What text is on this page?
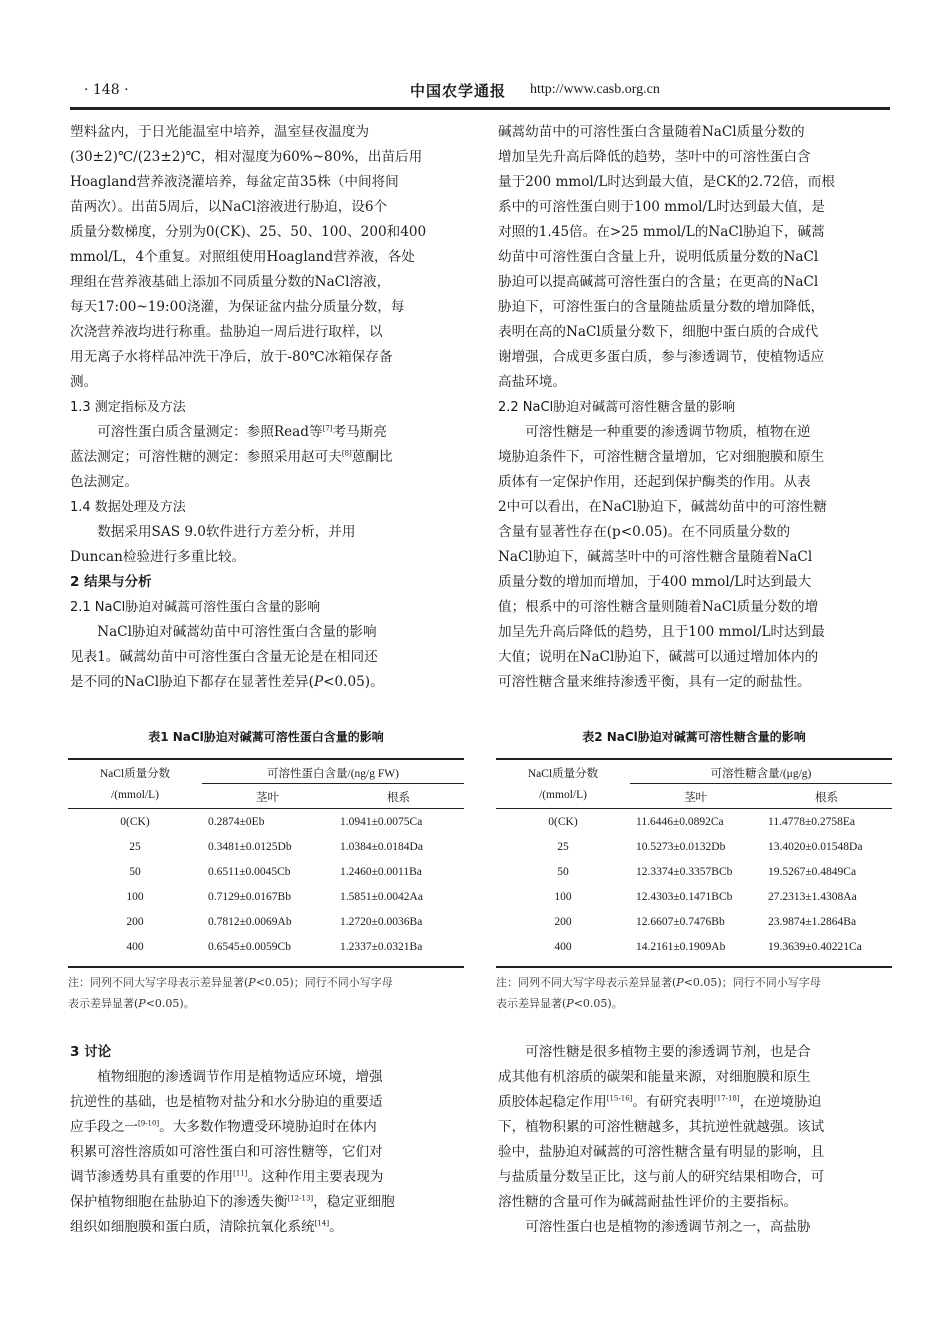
· 148 ·	中国农学通报 http://www.casb.org.cn

塑料盆内，于日光能温室中培养，温室昼夜温度为

(30±2)℃/(23±2)℃，相对湿度为60%~80%，出苗后用

Hoagland营养液浇灌培养，每盆定苗35株（中间将间

苗两次）。出苗5周后，以NaCl溶液进行胁迫，设6个

质量分数梯度，分别为0(CK)、25、50、100、200和400

mmol/L，4个重复。对照组使用Hoagland营养液，各处

理组在营养液基础上添加不同质量分数的NaCl溶液，

每天17:00~19:00浇灌，为保证盆内盐分质量分数，每

次浇营养液均进行称重。盐胁迫一周后进行取样，以

用无离子水将样品冲洗干净后，放于-80℃冰箱保存备

测。

1.3 测定指标及方法

可溶性蛋白质含量测定：参照Read等[7]考马斯亮

蓝法测定；可溶性糖的测定：参照采用赵可夫[8]蒽酮比

色法测定。

1.4 数据处理及方法

数据采用SAS 9.0软件进行方差分析，并用

Duncan检验进行多重比较。

2 结果与分析

2.1 NaCl胁迫对碱蒿可溶性蛋白含量的影响

NaCl胁迫对碱蒿幼苗中可溶性蛋白含量的影响

见表1。碱蒿幼苗中可溶性蛋白含量无论是在相同还

是不同的NaCl胁迫下都存在显著性差异(P<0.05)。

碱蒿幼苗中的可溶性蛋白含量随着NaCl质量分数的

增加呈先升高后降低的趋势，茎叶中的可溶性蛋白含

量于200 mmol/L时达到最大值，是CK的2.72倍，而根

系中的可溶性蛋白则于100 mmol/L时达到最大值，是

对照的1.45倍。在>25 mmol/L的NaCl胁迫下，碱蒿

幼苗中可溶性蛋白含量上升，说明低质量分数的NaCl

胁迫可以提高碱蒿可溶性蛋白的含量；在更高的NaCl

胁迫下，可溶性蛋白的含量随盐质量分数的增加降低，

表明在高的NaCl质量分数下，细胞中蛋白质的合成代

谢增强，合成更多蛋白质，参与渗透调节，使植物适应

高盐环境。

2.2 NaCl胁迫对碱蒿可溶性糖含量的影响

可溶性糖是一种重要的渗透调节物质，植物在逆

境胁迫条件下，可溶性糖含量增加，它对细胞膜和原生

质体有一定保护作用，还起到保护酶类的作用。从表

2中可以看出，在NaCl胁迫下，碱蒿幼苗中的可溶性糖

含量有显著性存在(p<0.05)。在不同质量分数的

NaCl胁迫下，碱蒿茎叶中的可溶性糖含量随着NaCl

质量分数的增加而增加，于400 mmol/L时达到最大

值；根系中的可溶性糖含量则随着NaCl质量分数的增

加呈先升高后降低的趋势，且于100 mmol/L时达到最

大值；说明在NaCl胁迫下，碱蒿可以通过增加体内的

可溶性糖含量来维持渗透平衡，具有一定的耐盐性。

表1 NaCl胁迫对碱蒿可溶性蛋白含量的影响
NaCl质量分数
/(mmol/L)
可溶性蛋白含量/(ng/g FW)
茎叶	根系
0(CK)	0.2874±0Eb	1.0941±0.0075Ca
25	0.3481±0.0125Db	1.0384±0.0184Da
50	0.6511±0.0045Cb	1.2460±0.0011Ba
100	0.7129±0.0167Bb	1.5851±0.0042Aa
200	0.7812±0.0069Ab	1.2720±0.0036Ba
400	0.6545±0.0059Cb	1.2337±0.0321Ba
注：同列不同大写字母表示差异显著(P<0.05)；同行不同小写字母
表示差异显著(P<0.05)。
表2 NaCl胁迫对碱蒿可溶性糖含量的影响
NaCl质量分数
/(mmol/L)
可溶性糖含量/(μg/g)
茎叶	根系
0(CK)	11.6446±0.0892Ca	11.4778±0.2758Ea
25	10.5273±0.0132Db	13.4020±0.01548Da
50	12.3374±0.3357BCb	19.5267±0.4849Ca
100	12.4303±0.1471BCb	27.2313±1.4308Aa
200	12.6607±0.7476Bb	23.9874±1.2864Ba
400	14.2161±0.1909Ab	19.3639±0.40221Ca
注：同列不同大写字母表示差异显著(P<0.05)；同行不同小写字母
表示差异显著(P<0.05)。

3 讨论

植物细胞的渗透调节作用是植物适应环境，增强

抗逆性的基础，也是植物对盐分和水分胁迫的重要适

应手段之一[9-10]。大多数作物遭受环境胁迫时在体内

积累可溶性溶质如可溶性蛋白和可溶性糖等，它们对

调节渗透势具有重要的作用[11]。这种作用主要表现为

保护植物细胞在盐胁迫下的渗透失衡[12-13]，稳定亚细胞

组织如细胞膜和蛋白质，清除抗氧化系统[14]。

可溶性糖是很多植物主要的渗透调节剂，也是合

成其他有机溶质的碳架和能量来源，对细胞膜和原生

质胶体起稳定作用[15-16]。有研究表明[17-18]，在逆境胁迫

下，植物积累的可溶性糖越多，其抗逆性就越强。该试

验中，盐胁迫对碱蒿的可溶性糖含量有明显的影响，且

与盐质量分数呈正比，这与前人的研究结果相吻合，可

溶性糖的含量可作为碱蒿耐盐性评价的主要指标。

可溶性蛋白也是植物的渗透调节剂之一，高盐胁
